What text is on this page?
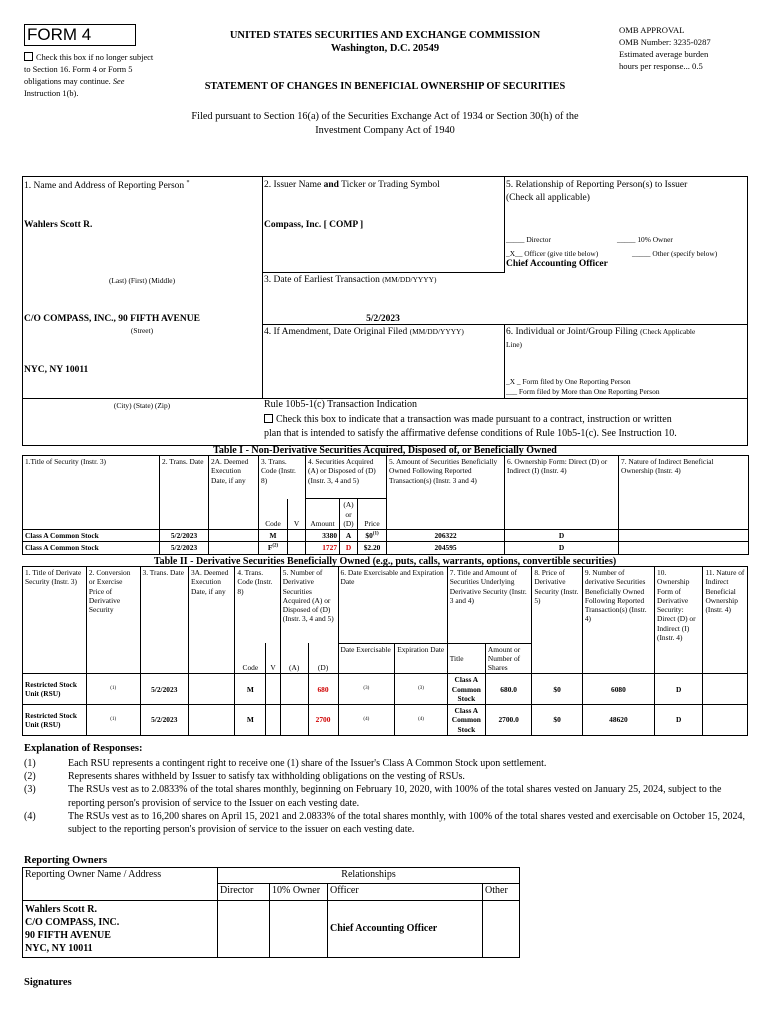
FORM 4
Check this box if no longer subject to Section 16. Form 4 or Form 5 obligations may continue. See Instruction 1(b).
UNITED STATES SECURITIES AND EXCHANGE COMMISSION
Washington, D.C. 20549
STATEMENT OF CHANGES IN BENEFICIAL OWNERSHIP OF SECURITIES
OMB APPROVAL
OMB Number: 3235-0287
Estimated average burden
hours per response... 0.5
Filed pursuant to Section 16(a) of the Securities Exchange Act of 1934 or Section 30(h) of the
Investment Company Act of 1940
1. Name and Address of Reporting Person *
Wahlers Scott R.
(Last) (First) (Middle)
C/O COMPASS, INC., 90 FIFTH AVENUE
(Street)
NYC, NY 10011
(City) (State) (Zip)
2. Issuer Name and Ticker or Trading Symbol
Compass, Inc. [ COMP ]
3. Date of Earliest Transaction (MM/DD/YYYY)
5/2/2023
4. If Amendment, Date Original Filed (MM/DD/YYYY)
5. Relationship of Reporting Person(s) to Issuer
(Check all applicable)
_____ Director	_____ 10% Owner
_X__ Officer (give title below)	_____ Other (specify below)
Chief Accounting Officer
6. Individual or Joint/Group Filing (Check Applicable
Line)
_X _ Form filed by One Reporting Person
___ Form filed by More than One Reporting Person
Rule 10b5-1(c) Transaction Indication
Check this box to indicate that a transaction was made pursuant to a contract, instruction or written
plan that is intended to satisfy the affirmative defense conditions of Rule 10b5-1(c). See Instruction 10.
Table I - Non-Derivative Securities Acquired, Disposed of, or Beneficially Owned
1.Title of Security (Instr. 3)	2. Trans. Date	2A. Deemed Execution Date, if any	3. Trans. Code (Instr. 8)		4. Securities Acquired (A) or Disposed of (D) (Instr. 3, 4 and 5)			5. Amount of Securities Beneficially Owned Following Reported Transaction(s) (Instr. 3 and 4)	6. Ownership Form: Direct (D) or Indirect (I) (Instr. 4)	7. Nature of Indirect Beneficial Ownership (Instr. 4)
			Code	V	Amount	(A) or (D)	Price			
Class A Common Stock	5/2/2023		M		3380	A	$0$^{(1)}$	206322	D	
Class A Common Stock	5/2/2023		$F^{(2)}$		1727	D	$2.20	204595	D	
Table II - Derivative Securities Beneficially Owned (e.g., puts, calls, warrants, options, convertible securities)
1. Title of Derivate Security (Instr. 3)	2. Conversion or Exercise Price of Derivative Security	3. Trans. Date	3A. Deemed Execution Date, if any	4. Trans. Code (Instr. 8)		5. Number of Derivative Securities Acquired (A) or Disposed of (D) (Instr. 3, 4 and 5)		6. Date Exercisable and Expiration Date		7. Title and Amount of Securities Underlying Derivative Security (Instr. 3 and 4)		8. Price of Derivative Security (Instr. 5)	9. Number of derivative Securities Beneficially Owned Following Reported Transaction(s) (Instr. 4)	10. Ownership Form of Derivative Security: Direct (D) or Indirect (I) (Instr. 4)	11. Nature of Indirect Beneficial Ownership (Instr. 4)
				Code	V	(A)	(D)	Date Exercisable	Expiration Date	Title	Amount or Number of Shares				
Restricted Stock Unit (RSU)	(1)	5/2/2023		M			680	(3)	(3)	Class A Common Stock	680.0	$0	6080	D	
Restricted Stock Unit (RSU)	(1)	5/2/2023		M			2700	(4)	(4)	Class A Common Stock	2700.0	$0	48620	D	
Explanation of Responses:
(1)	Each RSU represents a contingent right to receive one (1) share of the Issuer's Class A Common Stock upon settlement.
(2)	Represents shares withheld by Issuer to satisfy tax withholding obligations on the vesting of RSUs.
(3)	The RSUs vest as to 2.0833% of the total shares monthly, beginning on February 10, 2020, with 100% of the total shares vested on January 25, 2024, subject to the reporting person's provision of service to the Issuer on each vesting date.
(4)	The RSUs vest as to 16,200 shares on April 15, 2021 and 2.0833% of the total shares monthly, with 100% of the total shares vested and exercisable on October 15, 2024, subject to the reporting person's provision of service to the issuer on each vesting date.
Reporting Owners
Reporting Owner Name / Address	Relationships			
	Director	10% Owner	Officer	Other

Wahlers Scott R.
C/O COMPASS, INC.
90 FIFTH AVENUE
NYC, NY 10011			Chief Accounting Officer	
Signatures
